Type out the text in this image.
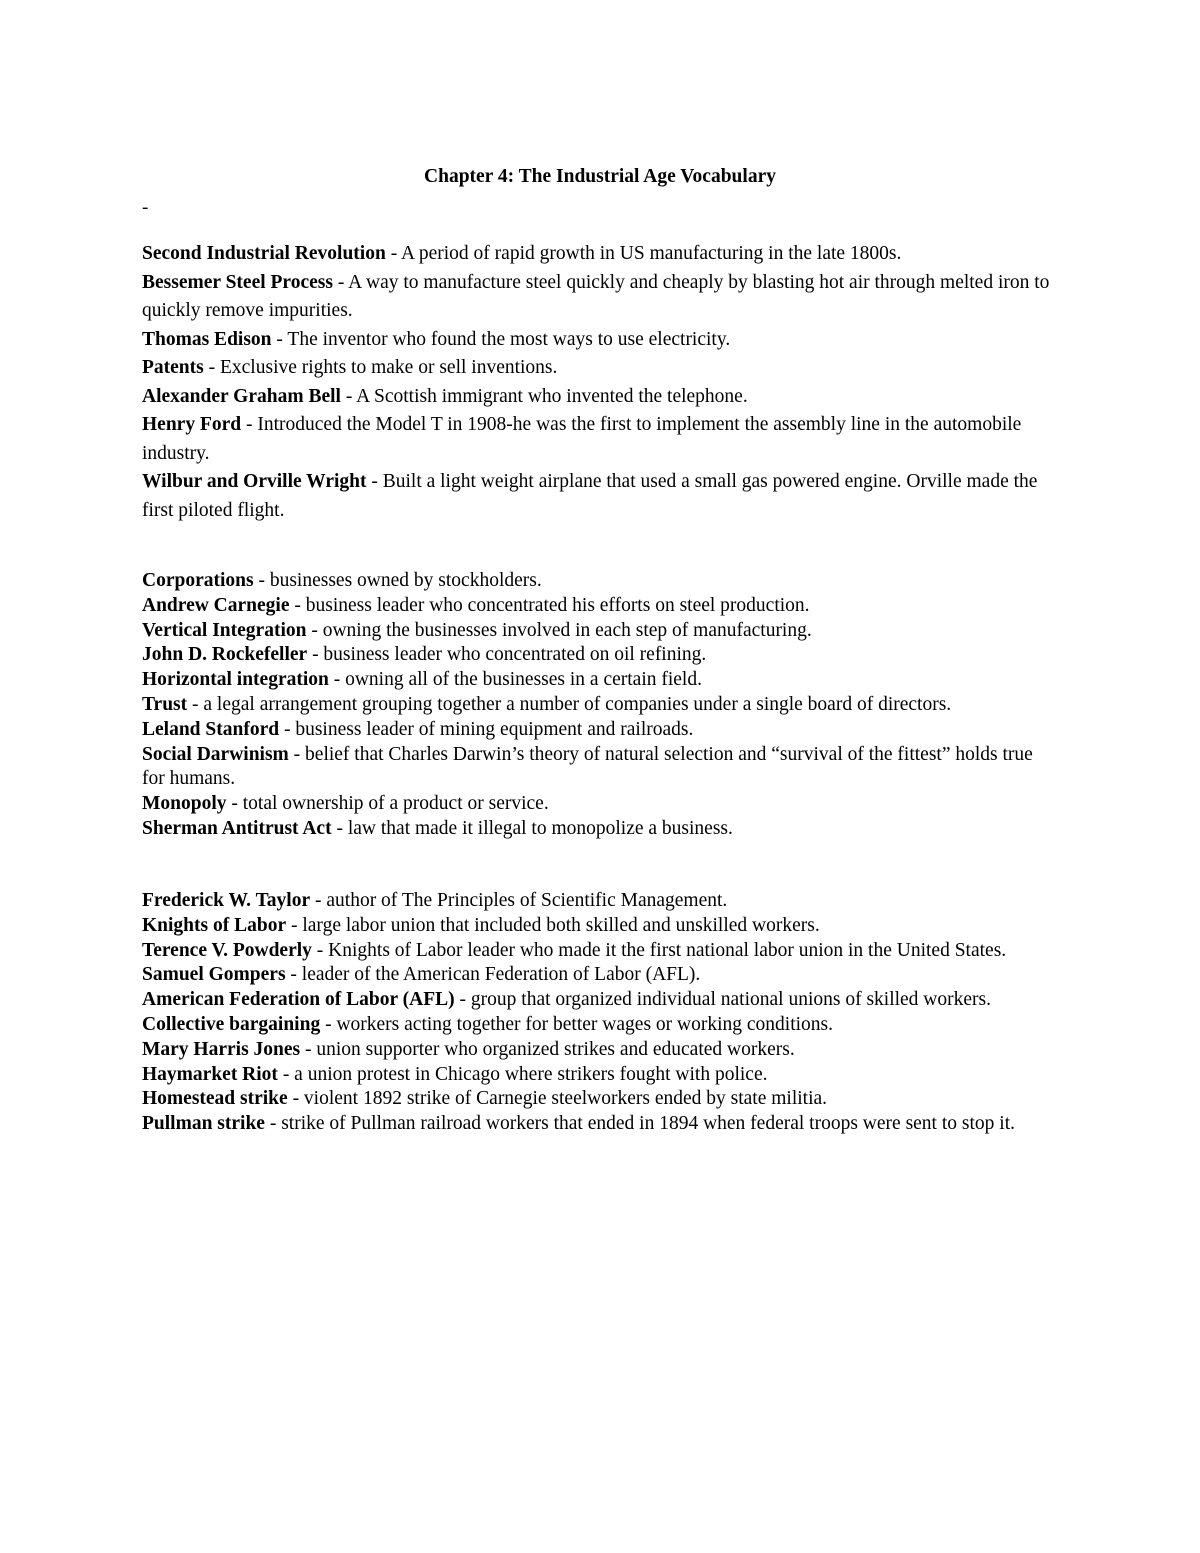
Chapter 4: The Industrial Age Vocabulary
-

Second Industrial Revolution - A period of rapid growth in US manufacturing in the late 1800s.

Bessemer Steel Process - A way to manufacture steel quickly and cheaply by blasting hot air through melted iron to quickly remove impurities.

Thomas Edison - The inventor who found the most ways to use electricity.

Patents - Exclusive rights to make or sell inventions.

Alexander Graham Bell - A Scottish immigrant who invented the telephone.

Henry Ford - Introduced the Model T in 1908-he was the first to implement the assembly line in the automobile industry.

Wilbur and Orville Wright - Built a light weight airplane that used a small gas powered engine. Orville made the first piloted flight.

Corporations - businesses owned by stockholders.

Andrew Carnegie - business leader who concentrated his efforts on steel production.

Vertical Integration - owning the businesses involved in each step of manufacturing.

John D. Rockefeller - business leader who concentrated on oil refining.

Horizontal integration - owning all of the businesses in a certain field.

Trust - a legal arrangement grouping together a number of companies under a single board of directors.

Leland Stanford - business leader of mining equipment and railroads.

Social Darwinism - belief that Charles Darwin’s theory of natural selection and “survival of the fittest” holds true for humans.

Monopoly - total ownership of a product or service.

Sherman Antitrust Act - law that made it illegal to monopolize a business.

Frederick W. Taylor - author of The Principles of Scientific Management.

Knights of Labor - large labor union that included both skilled and unskilled workers.

Terence V. Powderly - Knights of Labor leader who made it the first national labor union in the United States.

Samuel Gompers - leader of the American Federation of Labor (AFL).

American Federation of Labor (AFL) - group that organized individual national unions of skilled workers.

Collective bargaining - workers acting together for better wages or working conditions.

Mary Harris Jones - union supporter who organized strikes and educated workers.

Haymarket Riot - a union protest in Chicago where strikers fought with police.

Homestead strike - violent 1892 strike of Carnegie steelworkers ended by state militia.

Pullman strike - strike of Pullman railroad workers that ended in 1894 when federal troops were sent to stop it.
